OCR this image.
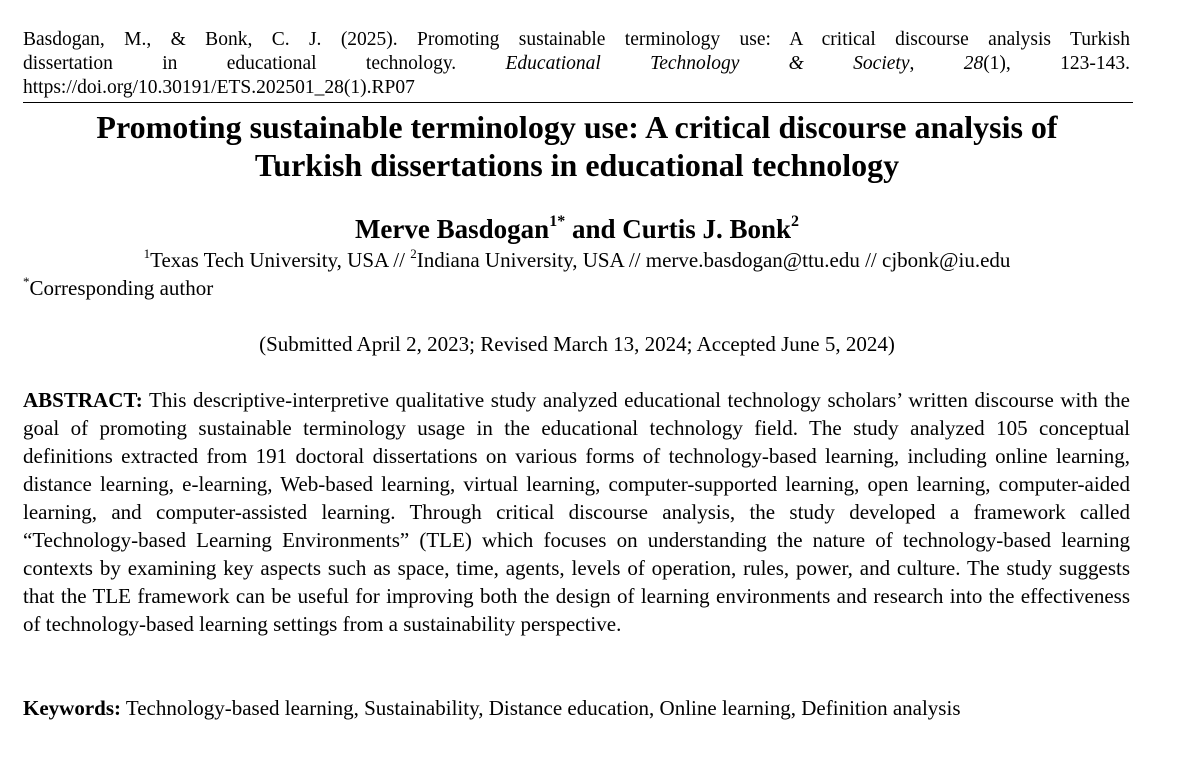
Basdogan, M., & Bonk, C. J. (2025). Promoting sustainable terminology use: A critical discourse analysis Turkish
dissertation in educational technology.	Educational Technology & Society,	28(1), 123-143.
https://doi.org/10.30191/ETS.202501_28(1).RP07
Promoting sustainable terminology use: A critical discourse analysis of
Turkish dissertations in educational technology
Merve Basdogan$^{1*}$ and Curtis J. Bonk$^2$
$^1$Texas Tech University, USA // $^2$Indiana University, USA // merve.basdogan@ttu.edu // cjbonk@iu.edu
*Corresponding author
(Submitted April 2, 2023; Revised March 13, 2024; Accepted June 5, 2024)
ABSTRACT: This descriptive-interpretive qualitative study analyzed educational technology scholars’ written discourse with the goal of promoting sustainable terminology usage in the educational technology field. The study analyzed 105 conceptual definitions extracted from 191 doctoral dissertations on various forms of technology-based learning, including online learning, distance learning, e-learning, Web-based learning, virtual learning, computer-supported learning, open learning, computer-aided learning, and computer-assisted learning. Through critical discourse analysis, the study developed a framework called “Technology-based Learning Environments” (TLE) which focuses on understanding the nature of technology-based learning contexts by examining key aspects such as space, time, agents, levels of operation, rules, power, and culture. The study suggests that the TLE framework can be useful for improving both the design of learning environments and research into the effectiveness of technology-based learning settings from a sustainability perspective.
Keywords: Technology-based learning, Sustainability, Distance education, Online learning, Definition analysis
